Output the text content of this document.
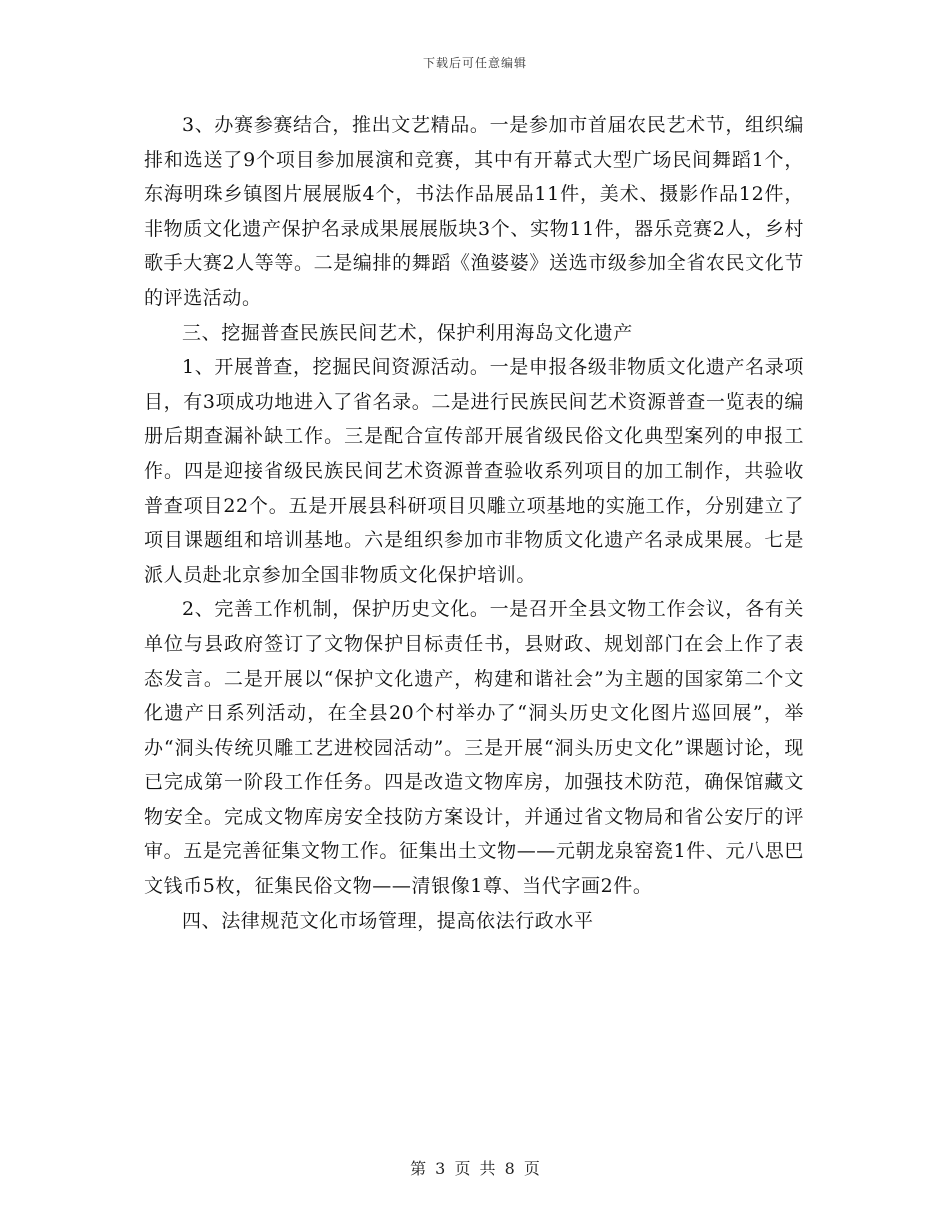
下载后可任意编辑

3、办赛参赛结合，推出文艺精品。一是参加市首届农民艺术节，组织编排和选送了9个项目参加展演和竞赛，其中有开幕式大型广场民间舞蹈1个，东海明珠乡镇图片展展版4个，书法作品展品11件，美术、摄影作品12件，非物质文化遗产保护名录成果展展版块3个、实物11件，器乐竞赛2人，乡村歌手大赛2人等等。二是编排的舞蹈《渔婆婆》送选市级参加全省农民文化节的评选活动。

三、挖掘普查民族民间艺术，保护利用海岛文化遗产

1、开展普查，挖掘民间资源活动。一是申报各级非物质文化遗产名录项目，有3项成功地进入了省名录。二是进行民族民间艺术资源普查一览表的编册后期查漏补缺工作。三是配合宣传部开展省级民俗文化典型案列的申报工作。四是迎接省级民族民间艺术资源普查验收系列项目的加工制作，共验收普查项目22个。五是开展县科研项目贝雕立项基地的实施工作，分别建立了项目课题组和培训基地。六是组织参加市非物质文化遗产名录成果展。七是派人员赴北京参加全国非物质文化保护培训。

2、完善工作机制，保护历史文化。一是召开全县文物工作会议，各有关单位与县政府签订了文物保护目标责任书，县财政、规划部门在会上作了表态发言。二是开展以“保护文化遗产，构建和谐社会”为主题的国家第二个文化遗产日系列活动，在全县20个村举办了“洞头历史文化图片巡回展”，举办“洞头传统贝雕工艺进校园活动”。三是开展“洞头历史文化”课题讨论，现已完成第一阶段工作任务。四是改造文物库房，加强技术防范，确保馆藏文物安全。完成文物库房安全技防方案设计，并通过省文物局和省公安厅的评审。五是完善征集文物工作。征集出土文物——元朝龙泉窑瓷1件、元八思巴文钱币5枚，征集民俗文物——清银像1尊、当代字画2件。

四、法律规范文化市场管理，提高依法行政水平

第 3 页 共 8 页
